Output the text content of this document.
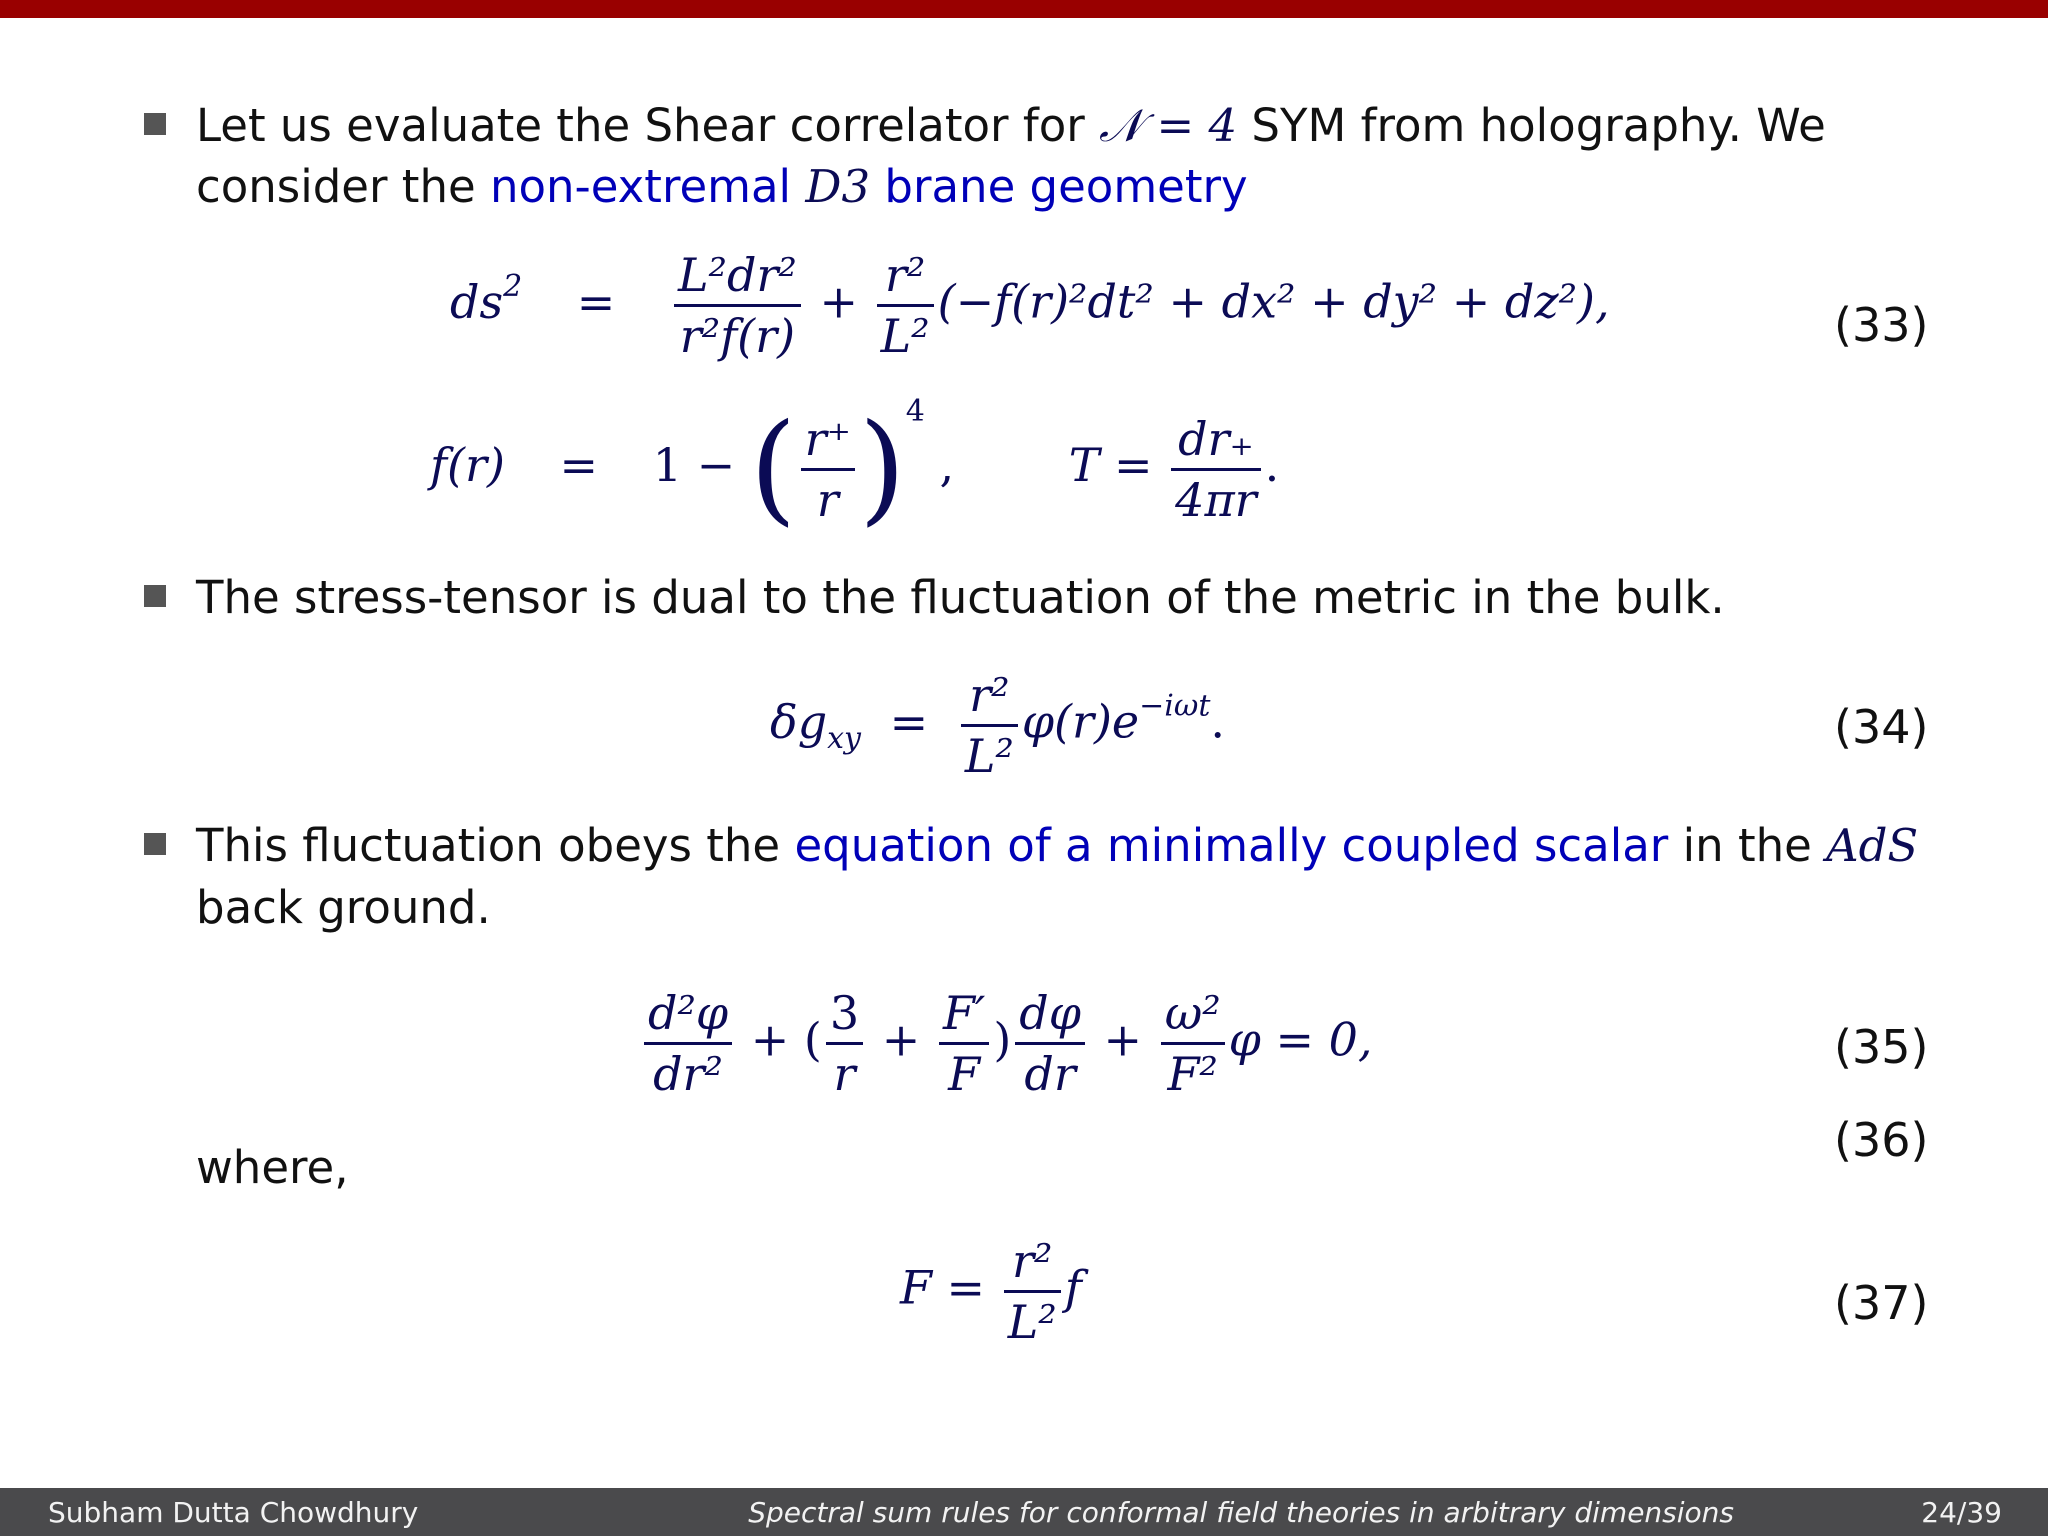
Let us evaluate the Shear correlator for 𝒩 = 4 SYM from holography. We
consider the non-extremal D3 brane geometry
$ds^2 = \frac{\text{L²dr²}}{\text{r²f(r)}} + \frac{\text{r²}}{\text{L²}} (-f(r)^2dt^2 + dx^2 + dy^2 + dz^2)$,	(33)
f(r) = 1 − ( $\frac{r^+}{r} )^4$ , $T = \frac{dr_+}{4\pi r}$ .
The stress-tensor is dual to the fluctuation of the metric in the bulk.
$\delta g_{xy} = \frac{\text{r²}}{\text{L²}} \varphi(r)e^{-i\omega t}$.	(34)
This fluctuation obeys the equation of a minimally coupled scalar in the AdS
back ground.
$\frac{\text{d²φ}}{\text{dr²}}$ + ( $\frac{3}{r} + \frac{F'}{F}$ ) $\frac{d\varphi}{dr} + \frac{\text{ω²}}{\text{F²}}$ φ = 0,	(35)
(36)
where,
$F = \frac{\text{r²}}{\text{L²}}$ f	(37)
Subham Dutta Chowdhury	Spectral sum rules for conformal field theories in arbitrary dimensions	24/39
